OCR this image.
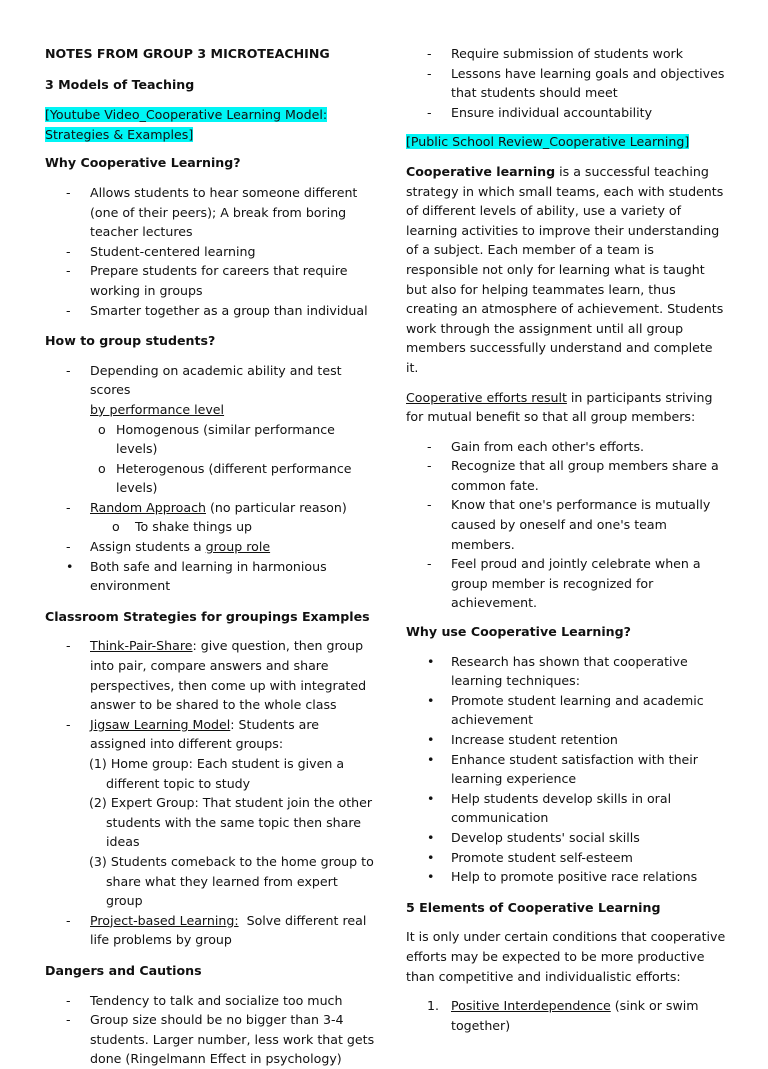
NOTES FROM GROUP 3 MICROTEACHING

3 Models of Teaching

[Youtube Video_Cooperative Learning Model: Strategies & Examples]

Why Cooperative Learning?

- Allows students to hear someone different (one of their peers); A break from boring teacher lectures
- Student-centered learning
- Prepare students for careers that require working in groups
- Smarter together as a group than individual

How to group students?

- Depending on academic ability and test scores
by performance level
o Homogenous (similar performance levels)
o Heterogenous (different performance levels)
- Random Approach (no particular reason)
o To shake things up
- Assign students a group role
• Both safe and learning in harmonious environment

Classroom Strategies for groupings Examples

- Think-Pair-Share: give question, then group into pair, compare answers and share perspectives, then come up with integrated answer to be shared to the whole class
- Jigsaw Learning Model: Students are assigned into different groups:
(1) Home group: Each student is given a different topic to study
(2) Expert Group: That student join the other students with the same topic then share ideas
(3) Students comeback to the home group to share what they learned from expert group
- Project-based Learning:  Solve different real life problems by group

Dangers and Cautions

- Tendency to talk and socialize too much
- Group size should be no bigger than 3-4 students. Larger number, less work that gets done (Ringelmann Effect in psychology)
- Require submission of students work
- Lessons have learning goals and objectives that students should meet
- Ensure individual accountability

[Public School Review_Cooperative Learning]

Cooperative learning is a successful teaching strategy in which small teams, each with students of different levels of ability, use a variety of learning activities to improve their understanding of a subject. Each member of a team is responsible not only for learning what is taught but also for helping teammates learn, thus creating an atmosphere of achievement. Students work through the assignment until all group members successfully understand and complete it.

Cooperative efforts result in participants striving for mutual benefit so that all group members:

- Gain from each other's efforts.
- Recognize that all group members share a common fate.
- Know that one's performance is mutually caused by oneself and one's team members.
- Feel proud and jointly celebrate when a group member is recognized for achievement.

Why use Cooperative Learning?

• Research has shown that cooperative learning techniques:
• Promote student learning and academic achievement
• Increase student retention
• Enhance student satisfaction with their learning experience
• Help students develop skills in oral communication
• Develop students' social skills
• Promote student self-esteem
• Help to promote positive race relations

5 Elements of Cooperative Learning

It is only under certain conditions that cooperative efforts may be expected to be more productive than competitive and individualistic efforts:

1. Positive Interdependence (sink or swim together)
